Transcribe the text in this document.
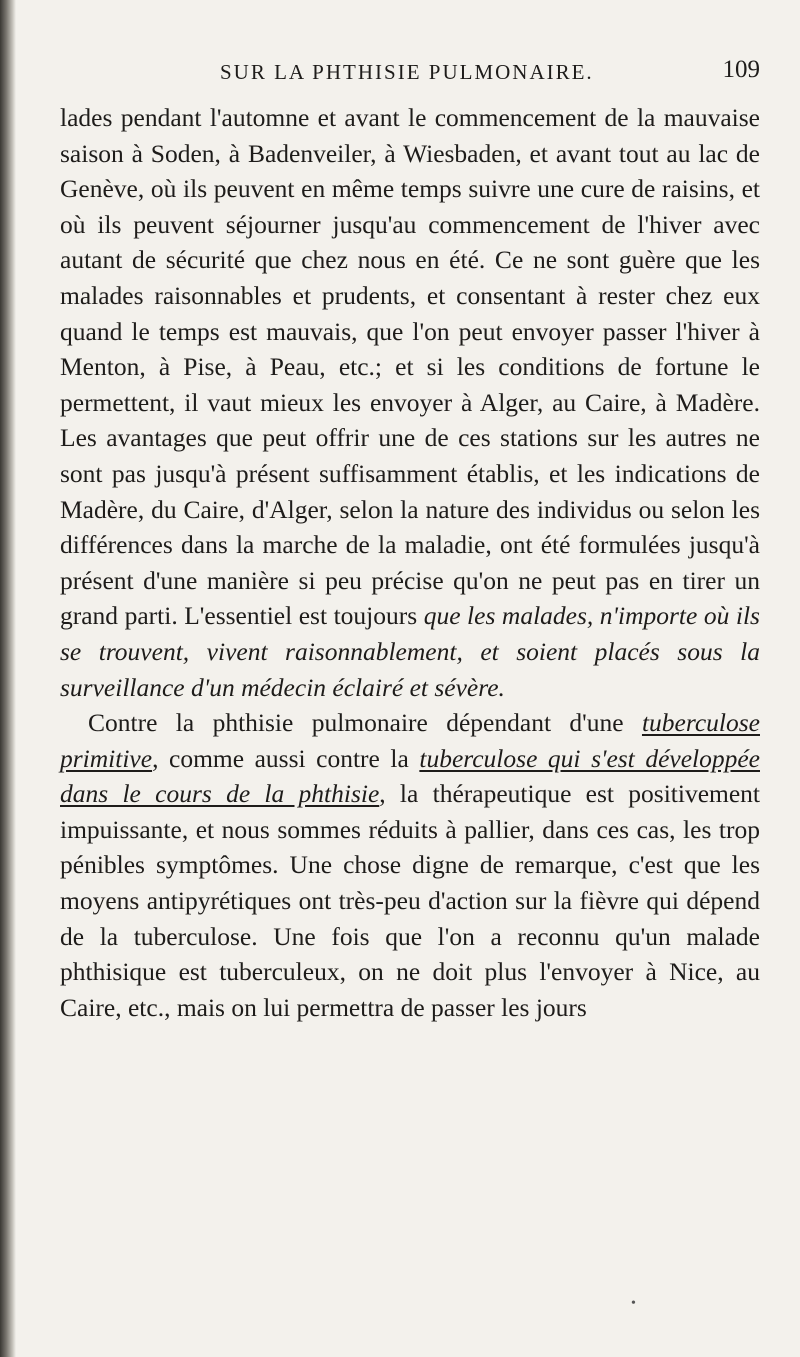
SUR LA PHTHISIE PULMONAIRE.	109

lades pendant l'automne et avant le commencement de la mauvaise saison à Soden, à Badenveiler, à Wiesbaden, et avant tout au lac de Genève, où ils peuvent en même temps suivre une cure de raisins, et où ils peuvent séjourner jusqu'au commencement de l'hiver avec autant de sécurité que chez nous en été. Ce ne sont guère que les malades raisonnables et prudents, et consentant à rester chez eux quand le temps est mauvais, que l'on peut envoyer passer l'hiver à Menton, à Pise, à Peau, etc.; et si les conditions de fortune le permettent, il vaut mieux les envoyer à Alger, au Caire, à Madère. Les avantages que peut offrir une de ces stations sur les autres ne sont pas jusqu'à présent suffisamment établis, et les indications de Madère, du Caire, d'Alger, selon la nature des individus ou selon les différences dans la marche de la maladie, ont été formulées jusqu'à présent d'une manière si peu précise qu'on ne peut pas en tirer un grand parti. L'essentiel est toujours que les malades, n'importe où ils se trouvent, vivent raisonnablement, et soient placés sous la surveillance d'un médecin éclairé et sévère.

Contre la phthisie pulmonaire dépendant d'une tuberculose primitive, comme aussi contre la tuberculose qui s'est développée dans le cours de la phthisie, la thérapeutique est positivement impuissante, et nous sommes réduits à pallier, dans ces cas, les trop pénibles symptômes. Une chose digne de remarque, c'est que les moyens antipyrétiques ont très-peu d'action sur la fièvre qui dépend de la tuberculose. Une fois que l'on a reconnu qu'un malade phthisique est tuberculeux, on ne doit plus l'envoyer à Nice, au Caire, etc., mais on lui permettra de passer les jours

•
